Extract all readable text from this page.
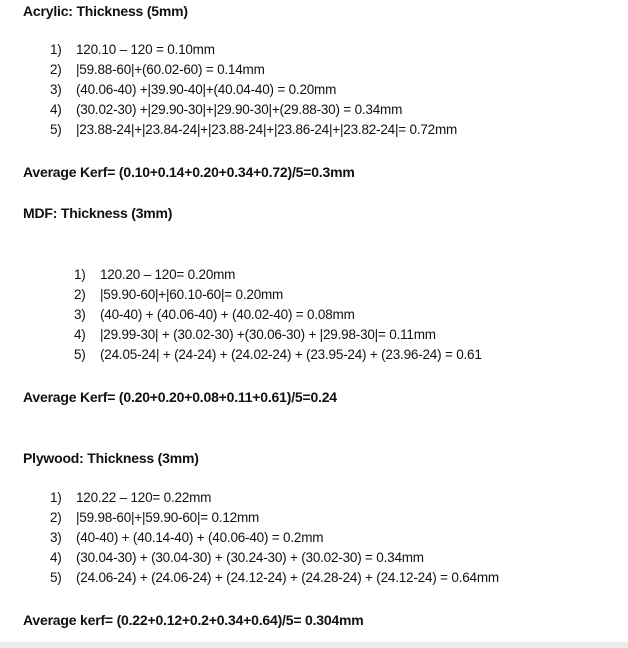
Acrylic: Thickness (5mm)
1) 120.10 – 120 = 0.10mm
2) |59.88-60|+(60.02-60) = 0.14mm
3) (40.06-40) +|39.90-40|+(40.04-40) = 0.20mm
4) (30.02-30) +|29.90-30|+|29.90-30|+(29.88-30) = 0.34mm
5) |23.88-24|+|23.84-24|+|23.88-24|+|23.86-24|+|23.82-24|= 0.72mm
Average Kerf= (0.10+0.14+0.20+0.34+0.72)/5=0.3mm
MDF: Thickness (3mm)
1) 120.20 – 120= 0.20mm
2) |59.90-60|+|60.10-60|= 0.20mm
3) (40-40) + (40.06-40) + (40.02-40) = 0.08mm
4) |29.99-30| + (30.02-30) +(30.06-30) + |29.98-30|= 0.11mm
5) (24.05-24| + (24-24) + (24.02-24) + (23.95-24) + (23.96-24) = 0.61
Average Kerf= (0.20+0.20+0.08+0.11+0.61)/5=0.24
Plywood: Thickness (3mm)
1) 120.22 – 120= 0.22mm
2) |59.98-60|+|59.90-60|= 0.12mm
3) (40-40) + (40.14-40) + (40.06-40) = 0.2mm
4) (30.04-30) + (30.04-30) + (30.24-30) + (30.02-30) = 0.34mm
5) (24.06-24) + (24.06-24) + (24.12-24) + (24.28-24) + (24.12-24) = 0.64mm
Average kerf= (0.22+0.12+0.2+0.34+0.64)/5= 0.304mm
